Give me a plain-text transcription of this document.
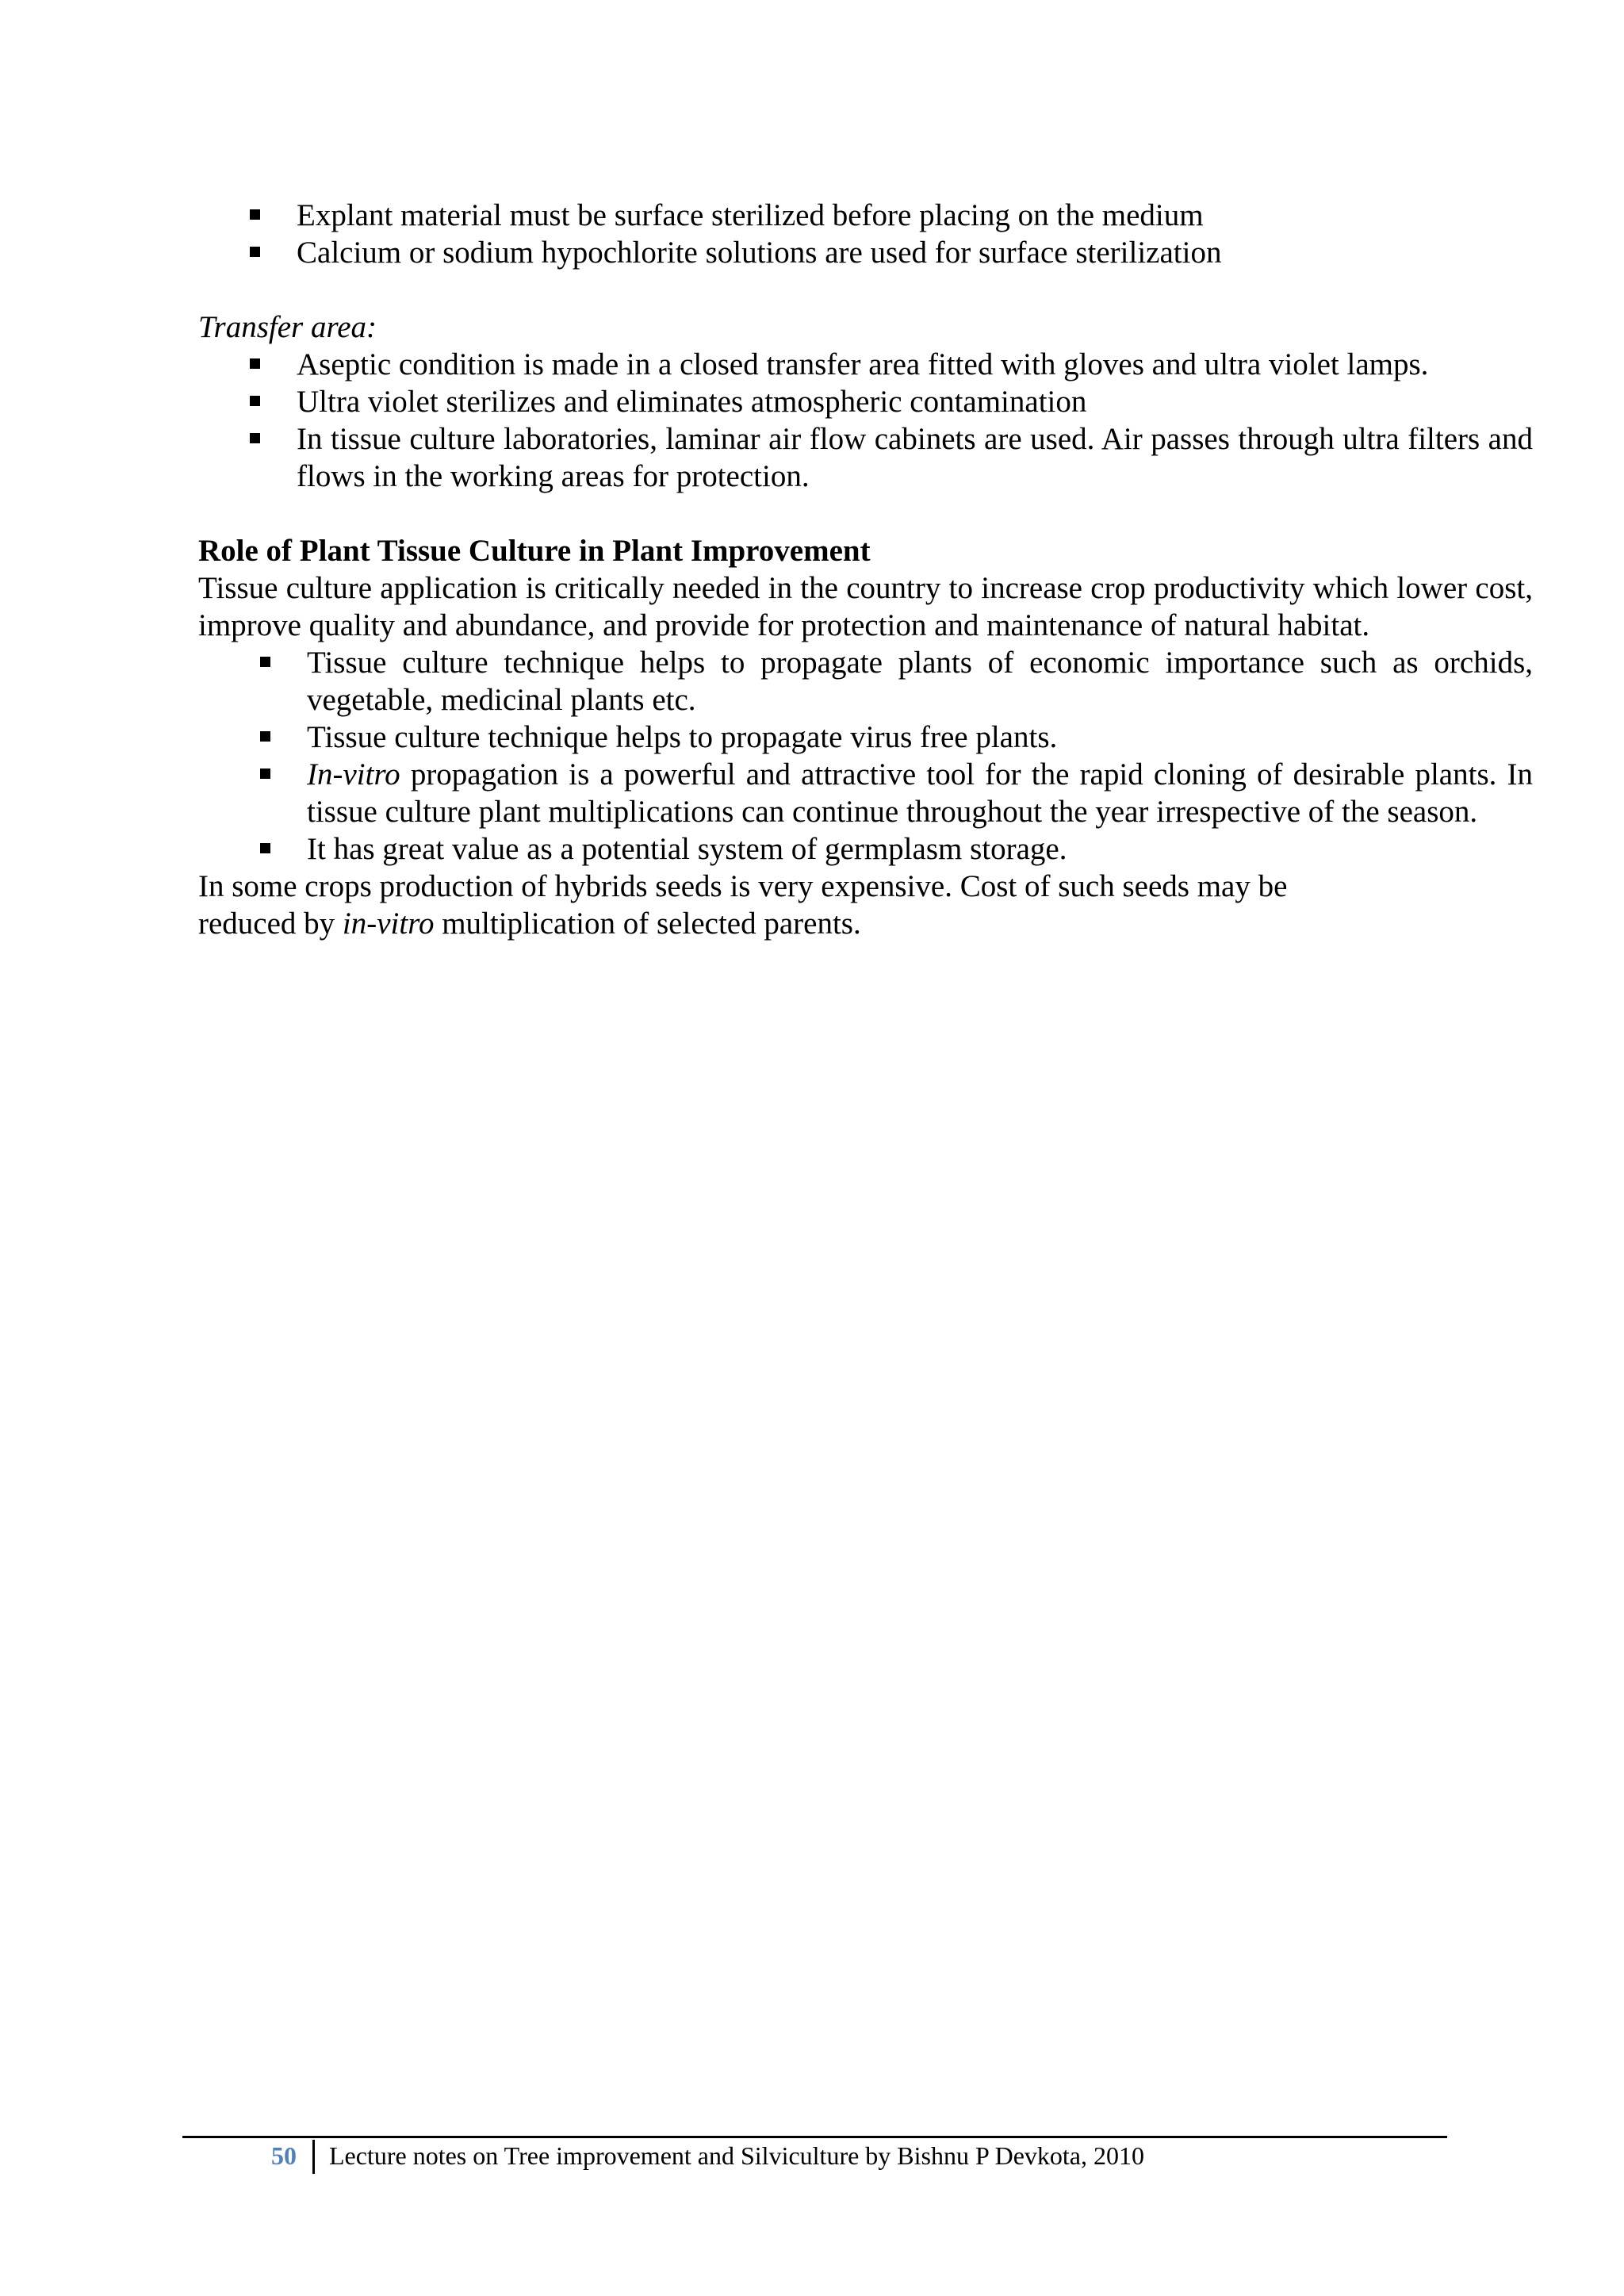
Explant material must be surface sterilized before placing on the medium
Calcium or sodium hypochlorite solutions are used for surface sterilization
Transfer area:
Aseptic condition is made in a closed transfer area fitted with gloves and ultra violet lamps.
Ultra violet sterilizes and eliminates atmospheric contamination
In tissue culture laboratories, laminar air flow cabinets are used. Air passes through ultra filters and flows in the working areas for protection.
Role of Plant Tissue Culture in Plant Improvement
Tissue culture application is critically needed in the country to increase crop productivity which lower cost, improve quality and abundance, and provide for protection and maintenance of natural habitat.
Tissue culture technique helps to propagate plants of economic importance such as orchids, vegetable, medicinal plants etc.
Tissue culture technique helps to propagate virus free plants.
In-vitro propagation is a powerful and attractive tool for the rapid cloning of desirable plants. In tissue culture plant multiplications can continue throughout the year irrespective of the season.
It has great value as a potential system of germplasm storage.
In some crops production of hybrids seeds is very expensive. Cost of such seeds may be
reduced by in-vitro multiplication of selected parents.
50 Lecture notes on Tree improvement and Silviculture by Bishnu P Devkota, 2010
